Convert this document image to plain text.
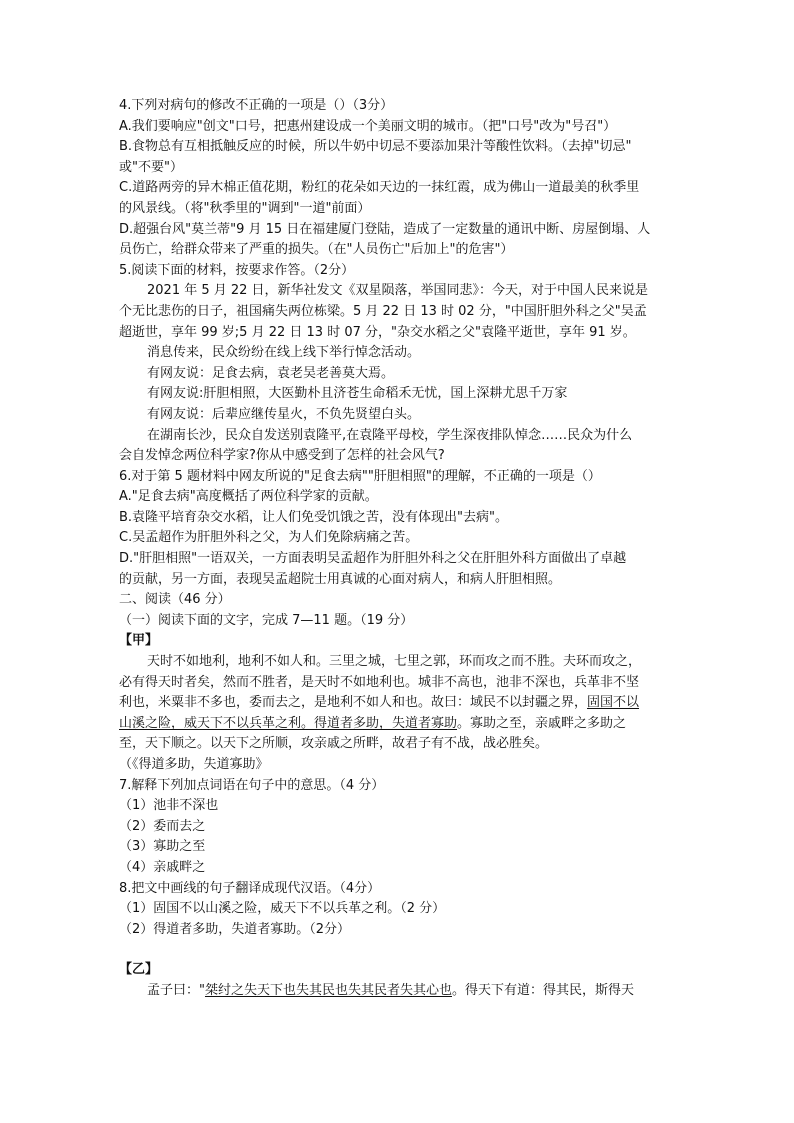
4.下列对病句的修改不正确的一项是（）（3分）
A.我们要响应"创文"口号，把惠州建设成一个美丽文明的城市。（把"口号"改为"号召"）
B.食物总有互相抵触反应的时候，所以牛奶中切忌不要添加果汁等酸性饮料。（去掉"切忌"
或"不要"）
C.道路两旁的异木棉正值花期，粉红的花朵如天边的一抹红霞，成为佛山一道最美的秋季里
的风景线。（将"秋季里的"调到"一道"前面）
D.超强台风"莫兰蒂"9 月 15 日在福建厦门登陆，造成了一定数量的通讯中断、房屋倒塌、人
员伤亡，给群众带来了严重的损失。（在"人员伤亡"后加上"的危害"）
5.阅读下面的材料，按要求作答。（2分）
2021 年 5 月 22 日，新华社发文《双星陨落，举国同悲》：今天，对于中国人民来说是
个无比悲伤的日子，祖国痛失两位栋梁。5 月 22 日 13 时 02 分，"中国肝胆外科之父"吴孟
超逝世，享年 99 岁;5 月 22 日 13 时 07 分，"杂交水稻之父"袁隆平逝世，享年 91 岁。
消息传来，民众纷纷在线上线下举行悼念活动。
有网友说：足食去病，袁老吴老善莫大焉。
有网友说:肝胆相照，大医勤朴且济苍生命稻禾无忧，国上深耕尤思千万家
有网友说：后辈应继传星火，不负先贤望白头。
在湖南长沙，民众自发送别袁隆平,在袁隆平母校，学生深夜排队悼念……民众为什么
会自发悼念两位科学家?你从中感受到了怎样的社会风气?
6.对于第 5 题材料中网友所说的"足食去病""肝胆相照"的理解，不正确的一项是（）
A."足食去病"高度概括了两位科学家的贡献。
B.袁隆平培育杂交水稻，让人们免受饥饿之苦，没有体现出"去病"。
C.吴孟超作为肝胆外科之父，为人们免除病痛之苦。
D."肝胆相照"一语双关，一方面表明吴孟超作为肝胆外科之父在肝胆外科方面做出了卓越
的贡献，另一方面，表现吴孟超院士用真诚的心面对病人，和病人肝胆相照。
二、阅读（46 分）
（一）阅读下面的文字，完成 7—11 题。（19 分）
【甲】
天时不如地利，地利不如人和。三里之城，七里之郭，环而攻之而不胜。夫环而攻之，
必有得天时者矣，然而不胜者，是天时不如地利也。城非不高也，池非不深也，兵革非不坚
利也，米粟非不多也，委而去之，是地利不如人和也。故曰：域民不以封疆之界，固国不以
山溪之险，威天下不以兵革之利。得道者多助，失道者寡助。寡助之至，亲戚畔之多助之
至，天下顺之。以天下之所顺，攻亲戚之所畔，故君子有不战，战必胜矣。
（《得道多助，失道寡助》
7.解释下列加点词语在句子中的意思。（4 分）
（1）池非不深也
（2）委而去之
（3）寡助之至
（4）亲戚畔之
8.把文中画线的句子翻译成现代汉语。（4分）
（1）固国不以山溪之险，威天下不以兵革之利。（2 分）
（2）得道者多助，失道者寡助。（2分）
【乙】
孟子曰："桀纣之失天下也失其民也失其民者失其心也。得天下有道：得其民，斯得天
